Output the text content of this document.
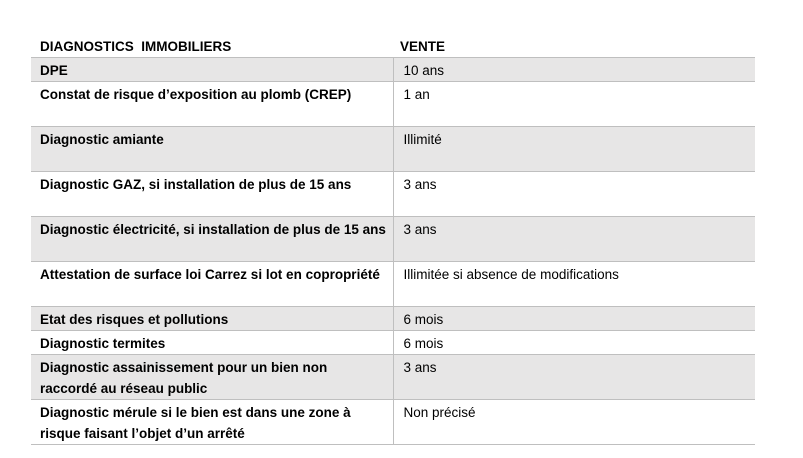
DIAGNOSTICS  IMMOBILIERS	VENTE
DPE	10 ans
Constat de risque d’exposition au plomb (CREP)	1 an
Diagnostic amiante	Illimité
Diagnostic GAZ, si installation de plus de 15 ans	3 ans
Diagnostic électricité, si installation de plus de 15 ans	3 ans
Attestation de surface loi Carrez si lot en copropriété	Illimitée si absence de modifications
Etat des risques et pollutions	6 mois
Diagnostic termites	6 mois
Diagnostic assainissement pour un bien non raccordé au réseau public	3 ans
Diagnostic mérule si le bien est dans une zone à risque faisant l’objet d’un arrêté	Non précisé
